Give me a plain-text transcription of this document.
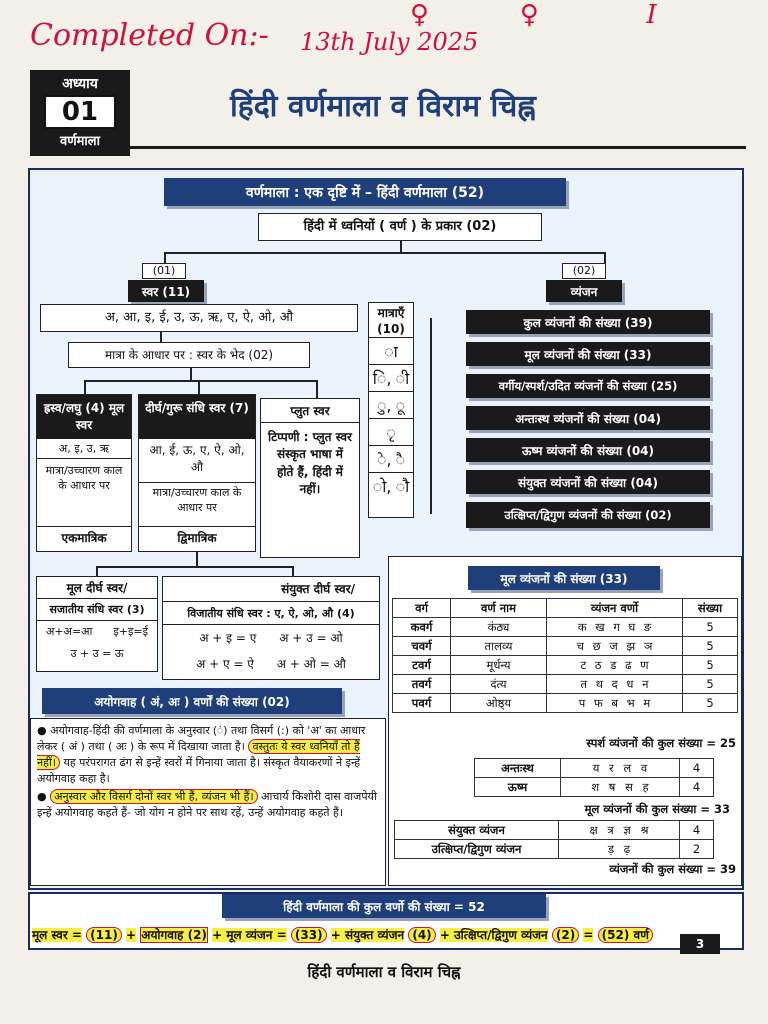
Completed On:- 13th July 2025
♀           ♀             I
अध्याय
01
वर्णमाला
हिंदी वर्णमाला व विराम चिह्न
वर्णमाला : एक दृष्टि में – हिंदी वर्णमाला (52)
हिंदी में ध्वनियों ( वर्ण ) के प्रकार (02)
(01)
स्वर (11)
(02)
व्यंजन
अ, आ, इ, ई, उ, ऊ, ऋ, ए, ऐ, ओ, औ
मात्रा के आधार पर : स्वर के भेद (02)
मात्राएँ
(10)
ा
ि, ी
ु, ू
ृ
े, ै
ो, ौ
कुल व्यंजनों की संख्या (39)
मूल व्यंजनों की संख्या (33)
वर्गीय/स्पर्श/उदित व्यंजनों की संख्या (25)
अन्तःस्थ व्यंजनों की संख्या (04)
ऊष्म व्यंजनों की संख्या (04)
संयुक्त व्यंजनों की संख्या (04)
उत्क्षिप्त/द्विगुण व्यंजनों की संख्या (02)
ह्रस्व/लघु (4) मूल स्वर
अ, इ, उ, ऋ
मात्रा/उच्चारण काल के आधार पर
एकमात्रिक
दीर्घ/गुरू संधि स्वर (7)
आ, ई, ऊ, ए, ऐ, ओ, औ
मात्रा/उच्चारण काल के आधार पर
द्विमात्रिक
प्लुत स्वर
टिप्पणी : प्लुत स्वर संस्कृत भाषा में होते हैं, हिंदी में नहीं।
मूल दीर्घ स्वर/
सजातीय संधि स्वर (3)
अ+अ=आ      इ+इ=ई
उ + उ = ऊ
संयुक्त दीर्घ स्वर/
विजातीय संधि स्वर : ए, ऐ, ओ, औ (4)
अ + इ = ए      अ + उ = ओ
अ + ए = ऐ      अ + ओ = औ
अयोगवाह ( अं, अः ) वर्णों की संख्या (02)

● अयोगवाह-हिंदी की वर्णमाला के अनुस्वार (ं) तथा विसर्ग (:) को 'अ' का आधार लेकर ( अं ) तथा ( अः ) के रूप में दिखाया जाता है। वस्तुतः ये स्वर ध्वनियाँ तो हैं नहीं। यह परंपरागत ढंग से इन्हें स्वरों में गिनाया जाता है। संस्कृत वैयाकरणों ने इन्हें अयोगवाह कहा है।

● अनुस्वार और विसर्ग दोनों स्वर भी हैं, व्यंजन भी हैं। आचार्य किशोरी दास वाजपेयी इन्हें अयोगवाह कहते हैं- जो योग न होने पर साथ रहें, उन्हें अयोगवाह कहते हैं।

मूल व्यंजनों की संख्या (33)
वर्ग	वर्ण नाम	व्यंजन वर्णो	संख्या
कवर्ग	कंठ्य	क ख ग घ ङ	5
चवर्ग	तालव्य	च छ ज झ ञ	5
टवर्ग	मूर्धन्य	ट ठ ड ढ ण	5
तवर्ग	दंत्य	त थ द ध न	5
पवर्ग	ओष्ठ्य	प फ ब भ म	5
स्पर्श व्यंजनों की कुल संख्या = 25
अन्तःस्थ	य र ल व	4
ऊष्म	श ष स ह	4
मूल व्यंजनों की कुल संख्या = 33
संयुक्त व्यंजन	क्ष त्र ज्ञ श्र	4
उत्क्षिप्त/द्विगुण व्यंजन	ड़ ढ़	2
व्यंजनों की कुल संख्या = 39
हिंदी वर्णमाला की कुल वर्णो की संख्या = 52
मूल स्वर = (11) + अयोगवाह (2) + मूल व्यंजन = (33) + संयुक्त व्यंजन (4) + उत्क्षिप्त/द्विगुण व्यंजन (2) = (52) वर्ण
3
हिंदी वर्णमाला व विराम चिह्न
